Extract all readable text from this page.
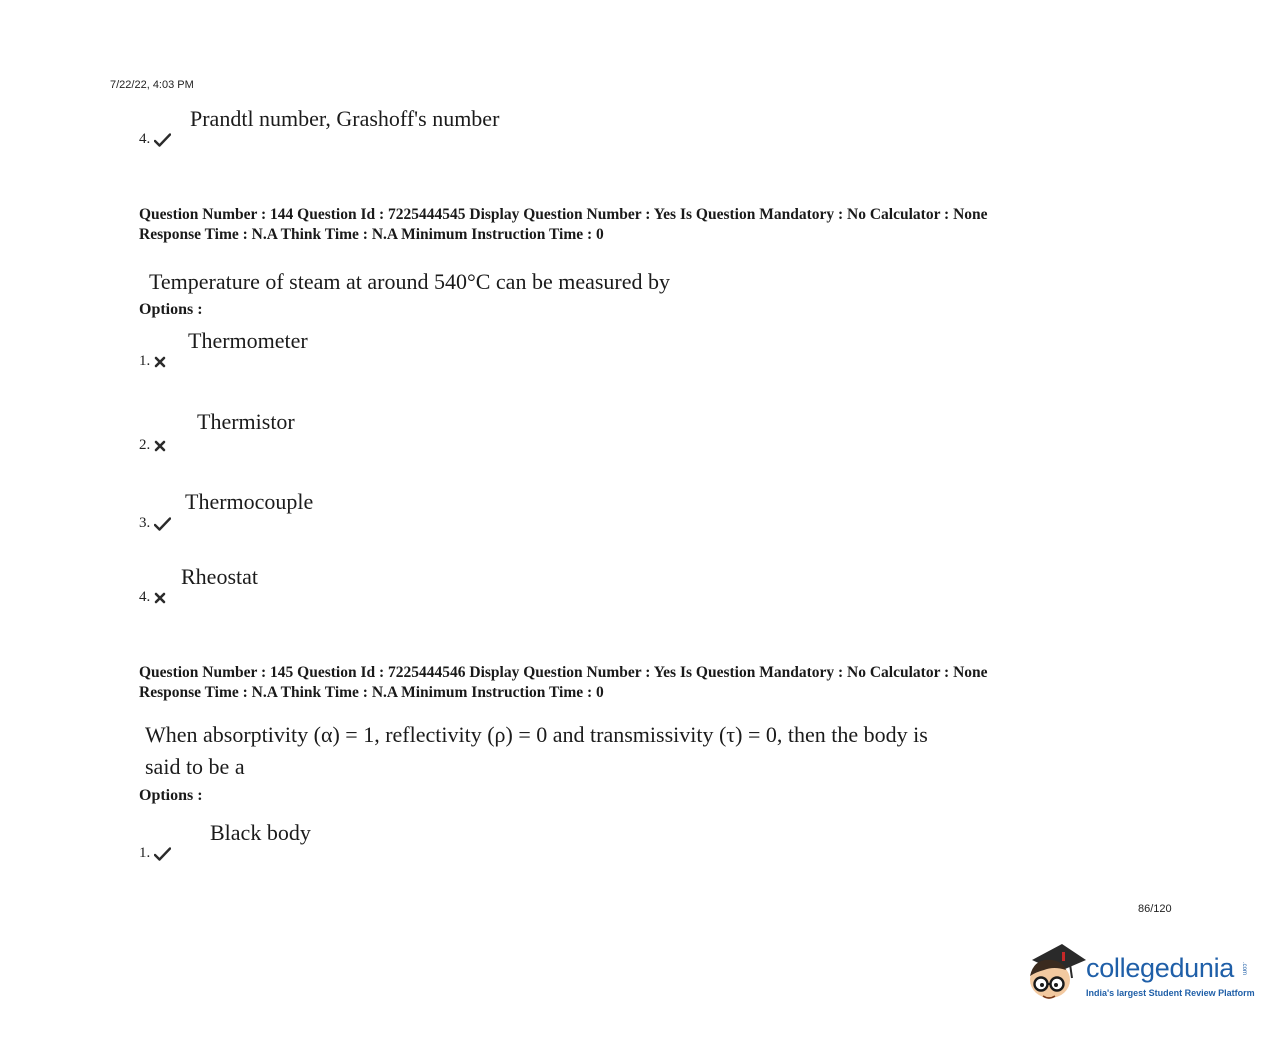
7/22/22, 4:03 PM
Prandtl number, Grashoff's number
4.
Question Number : 144 Question Id : 7225444545 Display Question Number : Yes Is Question Mandatory : No Calculator : None
Response Time : N.A Think Time : N.A Minimum Instruction Time : 0
Temperature of steam at around 540°C can be measured by
Options :
Thermometer
1.
Thermistor
2.
Thermocouple
3.
Rheostat
4.
Question Number : 145 Question Id : 7225444546 Display Question Number : Yes Is Question Mandatory : No Calculator : None
Response Time : N.A Think Time : N.A Minimum Instruction Time : 0
When absorptivity (α) = 1, reflectivity (ρ) = 0 and transmissivity (τ) = 0, then the body is
said to be a
Options :
Black body
1.
86/120
collegedunia .com
India's largest Student Review Platform
